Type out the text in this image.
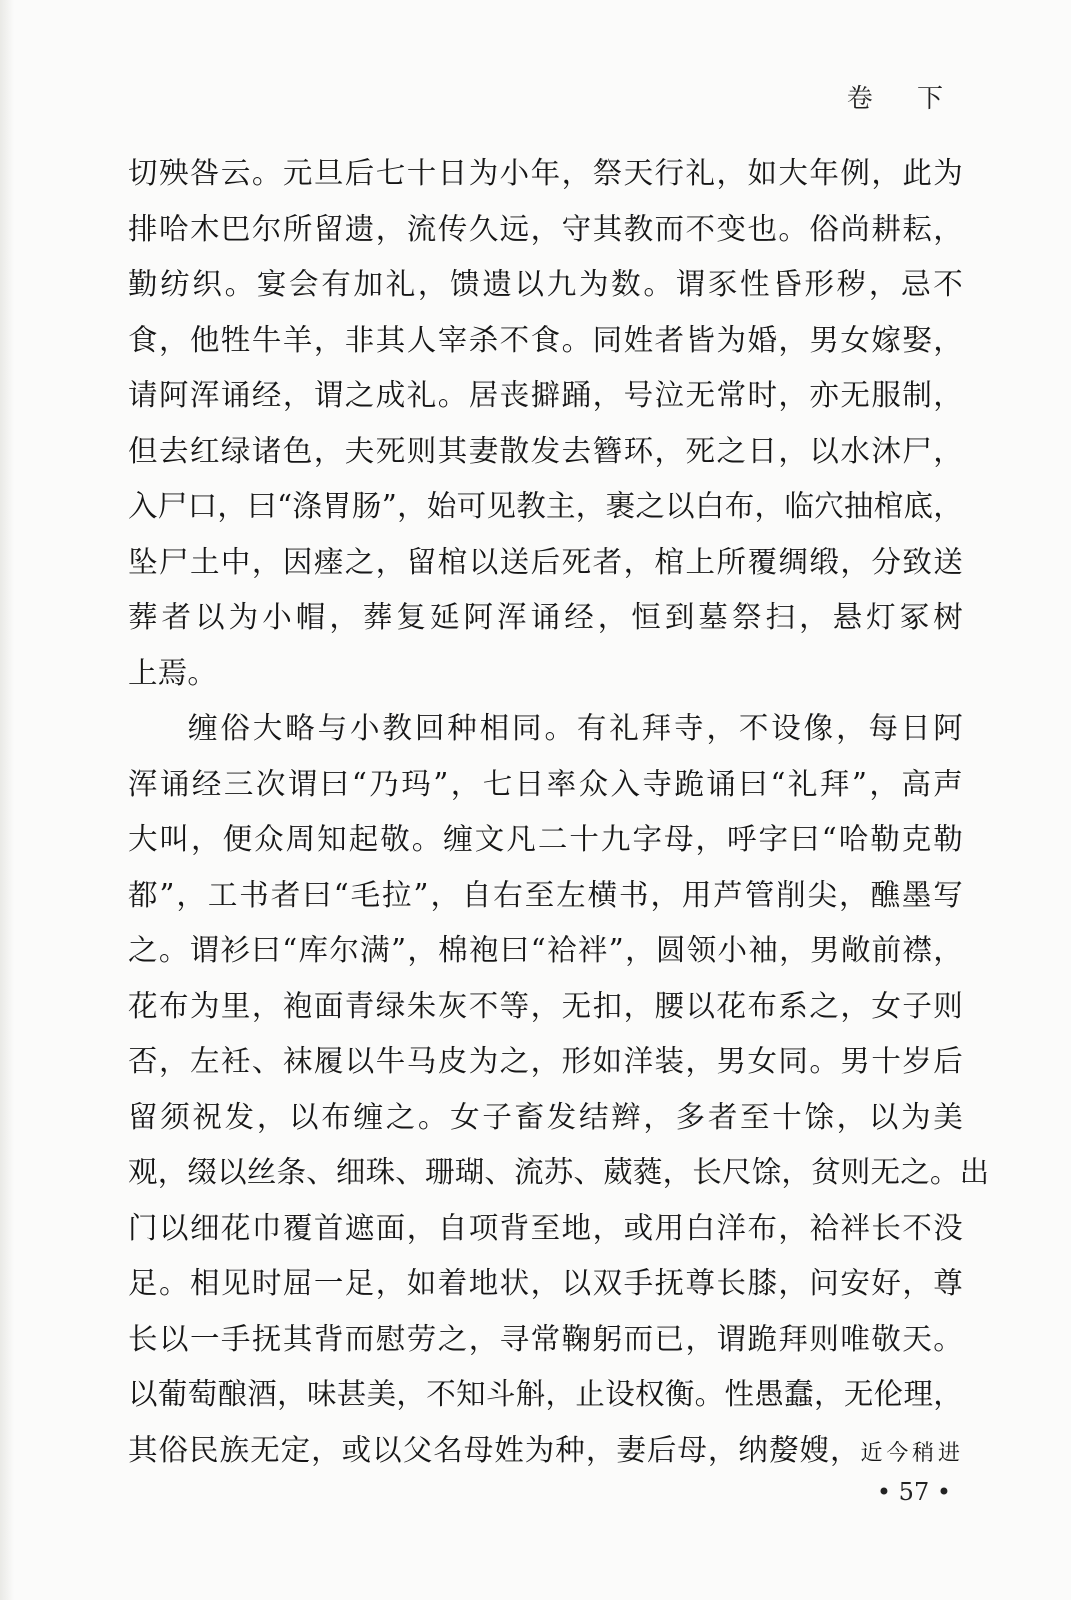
卷 下
切殃咎云。元旦后七十日为小年，祭天行礼，如大年例，此为
排哈木巴尔所留遗，流传久远，守其教而不变也。俗尚耕耘，
勤纺织。宴会有加礼，馈遗以九为数。谓豕性昏形秽，忌不
食，他牲牛羊，非其人宰杀不食。同姓者皆为婚，男女嫁娶，
请阿浑诵经，谓之成礼。居丧擗踊，号泣无常时，亦无服制，
但去红绿诸色，夫死则其妻散发去簪环，死之日，以水沐尸，
入尸口，曰“涤胃肠”，始可见教主，裹之以白布，临穴抽棺底，
坠尸土中，因瘗之，留棺以送后死者，棺上所覆绸缎，分致送
葬者以为小帽，葬复延阿浑诵经，恒到墓祭扫，悬灯冢树
上焉。
缠俗大略与小教回种相同。有礼拜寺，不设像，每日阿
浑诵经三次谓曰“乃玛”，七日率众入寺跪诵曰“礼拜”，高声
大叫，便众周知起敬。缠文凡二十九字母，呼字曰“哈勒克勒
都”，工书者曰“毛拉”，自右至左横书，用芦管削尖，醮墨写
之。谓衫曰“库尔满”，棉袍曰“袷袢”，圆领小袖，男敞前襟，
花布为里，袍面青绿朱灰不等，无扣，腰以花布系之，女子则
否，左衽、袜履以牛马皮为之，形如洋装，男女同。男十岁后
留须祝发，以布缠之。女子畜发结辫，多者至十馀，以为美
观，缀以丝条、细珠、珊瑚、流苏、葳蕤，长尺馀，贫则无之。出
门以细花巾覆首遮面，自项背至地，或用白洋布，袷袢长不没
足。相见时屈一足，如着地状，以双手抚尊长膝，问安好，尊
长以一手抚其背而慰劳之，寻常鞠躬而已，谓跪拜则唯敬天。
以葡萄酿酒，味甚美，不知斗斛，止设权衡。性愚蠢，无伦理，
其俗民族无定，或以父名母姓为种，妻后母，纳嫠嫂，近今稍进
• 57 •
